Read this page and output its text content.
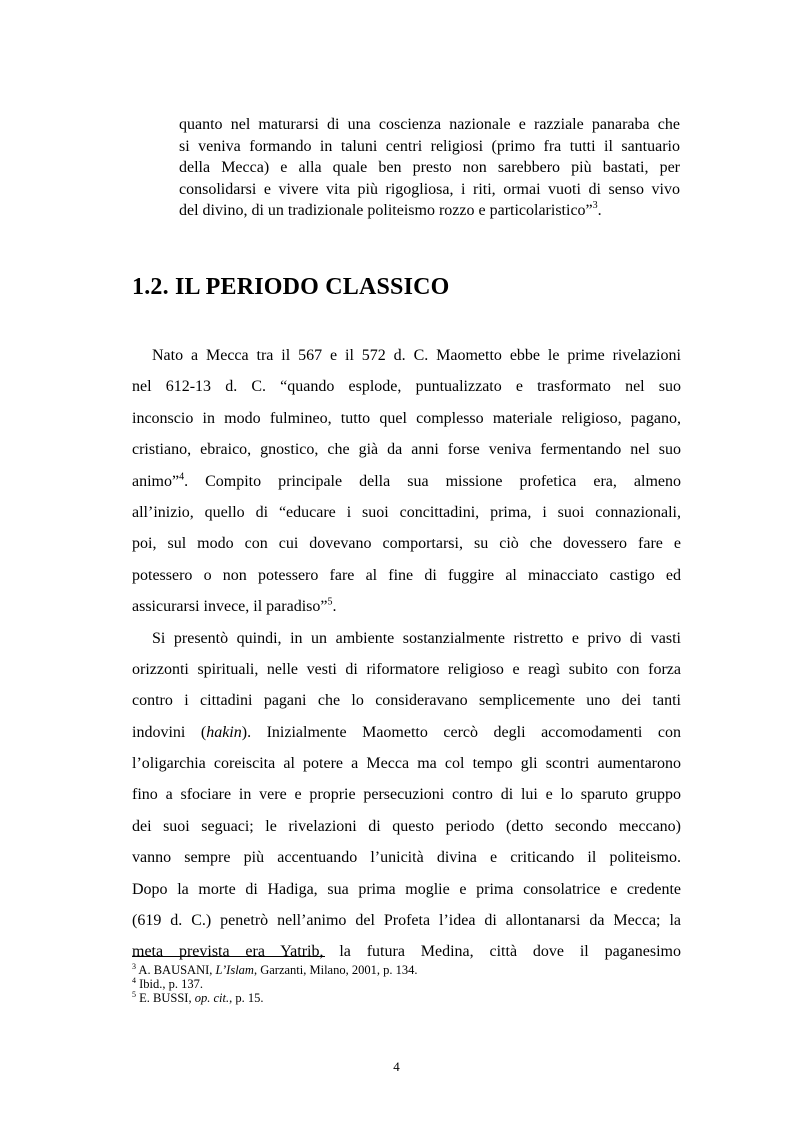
quanto nel maturarsi di una coscienza nazionale e razziale panaraba che
si veniva formando in taluni centri religiosi (primo fra tutti il santuario
della Mecca) e alla quale ben presto non sarebbero più bastati, per
consolidarsi e vivere vita più rigogliosa, i riti, ormai vuoti di senso vivo
del divino, di un tradizionale politeismo rozzo e particolaristico”$^3$.
1.2. IL PERIODO CLASSICO
Nato a Mecca tra il 567 e il 572 d. C. Maometto ebbe le prime rivelazioni
nel 612-13 d. C. “quando esplode, puntualizzato e trasformato nel suo
inconscio in modo fulmineo, tutto quel complesso materiale religioso, pagano,
cristiano, ebraico, gnostico, che già da anni forse veniva fermentando nel suo
animo”$^4$. Compito principale della sua missione profetica era, almeno
all’inizio, quello di “educare i suoi concittadini, prima, i suoi connazionali,
poi, sul modo con cui dovevano comportarsi, su ciò che dovessero fare e
potessero o non potessero fare al fine di fuggire al minacciato castigo ed
assicurarsi invece, il paradiso”$^5$.
Si presentò quindi, in un ambiente sostanzialmente ristretto e privo di vasti
orizzonti spirituali, nelle vesti di riformatore religioso e reagì subito con forza
contro i cittadini pagani che lo consideravano semplicemente uno dei tanti
indovini (hakin). Inizialmente Maometto cercò degli accomodamenti con
l’oligarchia coreiscita al potere a Mecca ma col tempo gli scontri aumentarono
fino a sfociare in vere e proprie persecuzioni contro di lui e lo sparuto gruppo
dei suoi seguaci; le rivelazioni di questo periodo (detto secondo meccano)
vanno sempre più accentuando l’unicità divina e criticando il politeismo.
Dopo la morte di Hadiga, sua prima moglie e prima consolatrice e credente
(619 d. C.) penetrò nell’animo del Profeta l’idea di allontanarsi da Mecca; la
meta prevista era Yatrib, la futura Medina, città dove il paganesimo
$^3$ A. BAUSANI, L’Islam, Garzanti, Milano, 2001, p. 134.
$^4$ Ibid., p. 137.
$^5$ E. BUSSI, op. cit., p. 15.
4
